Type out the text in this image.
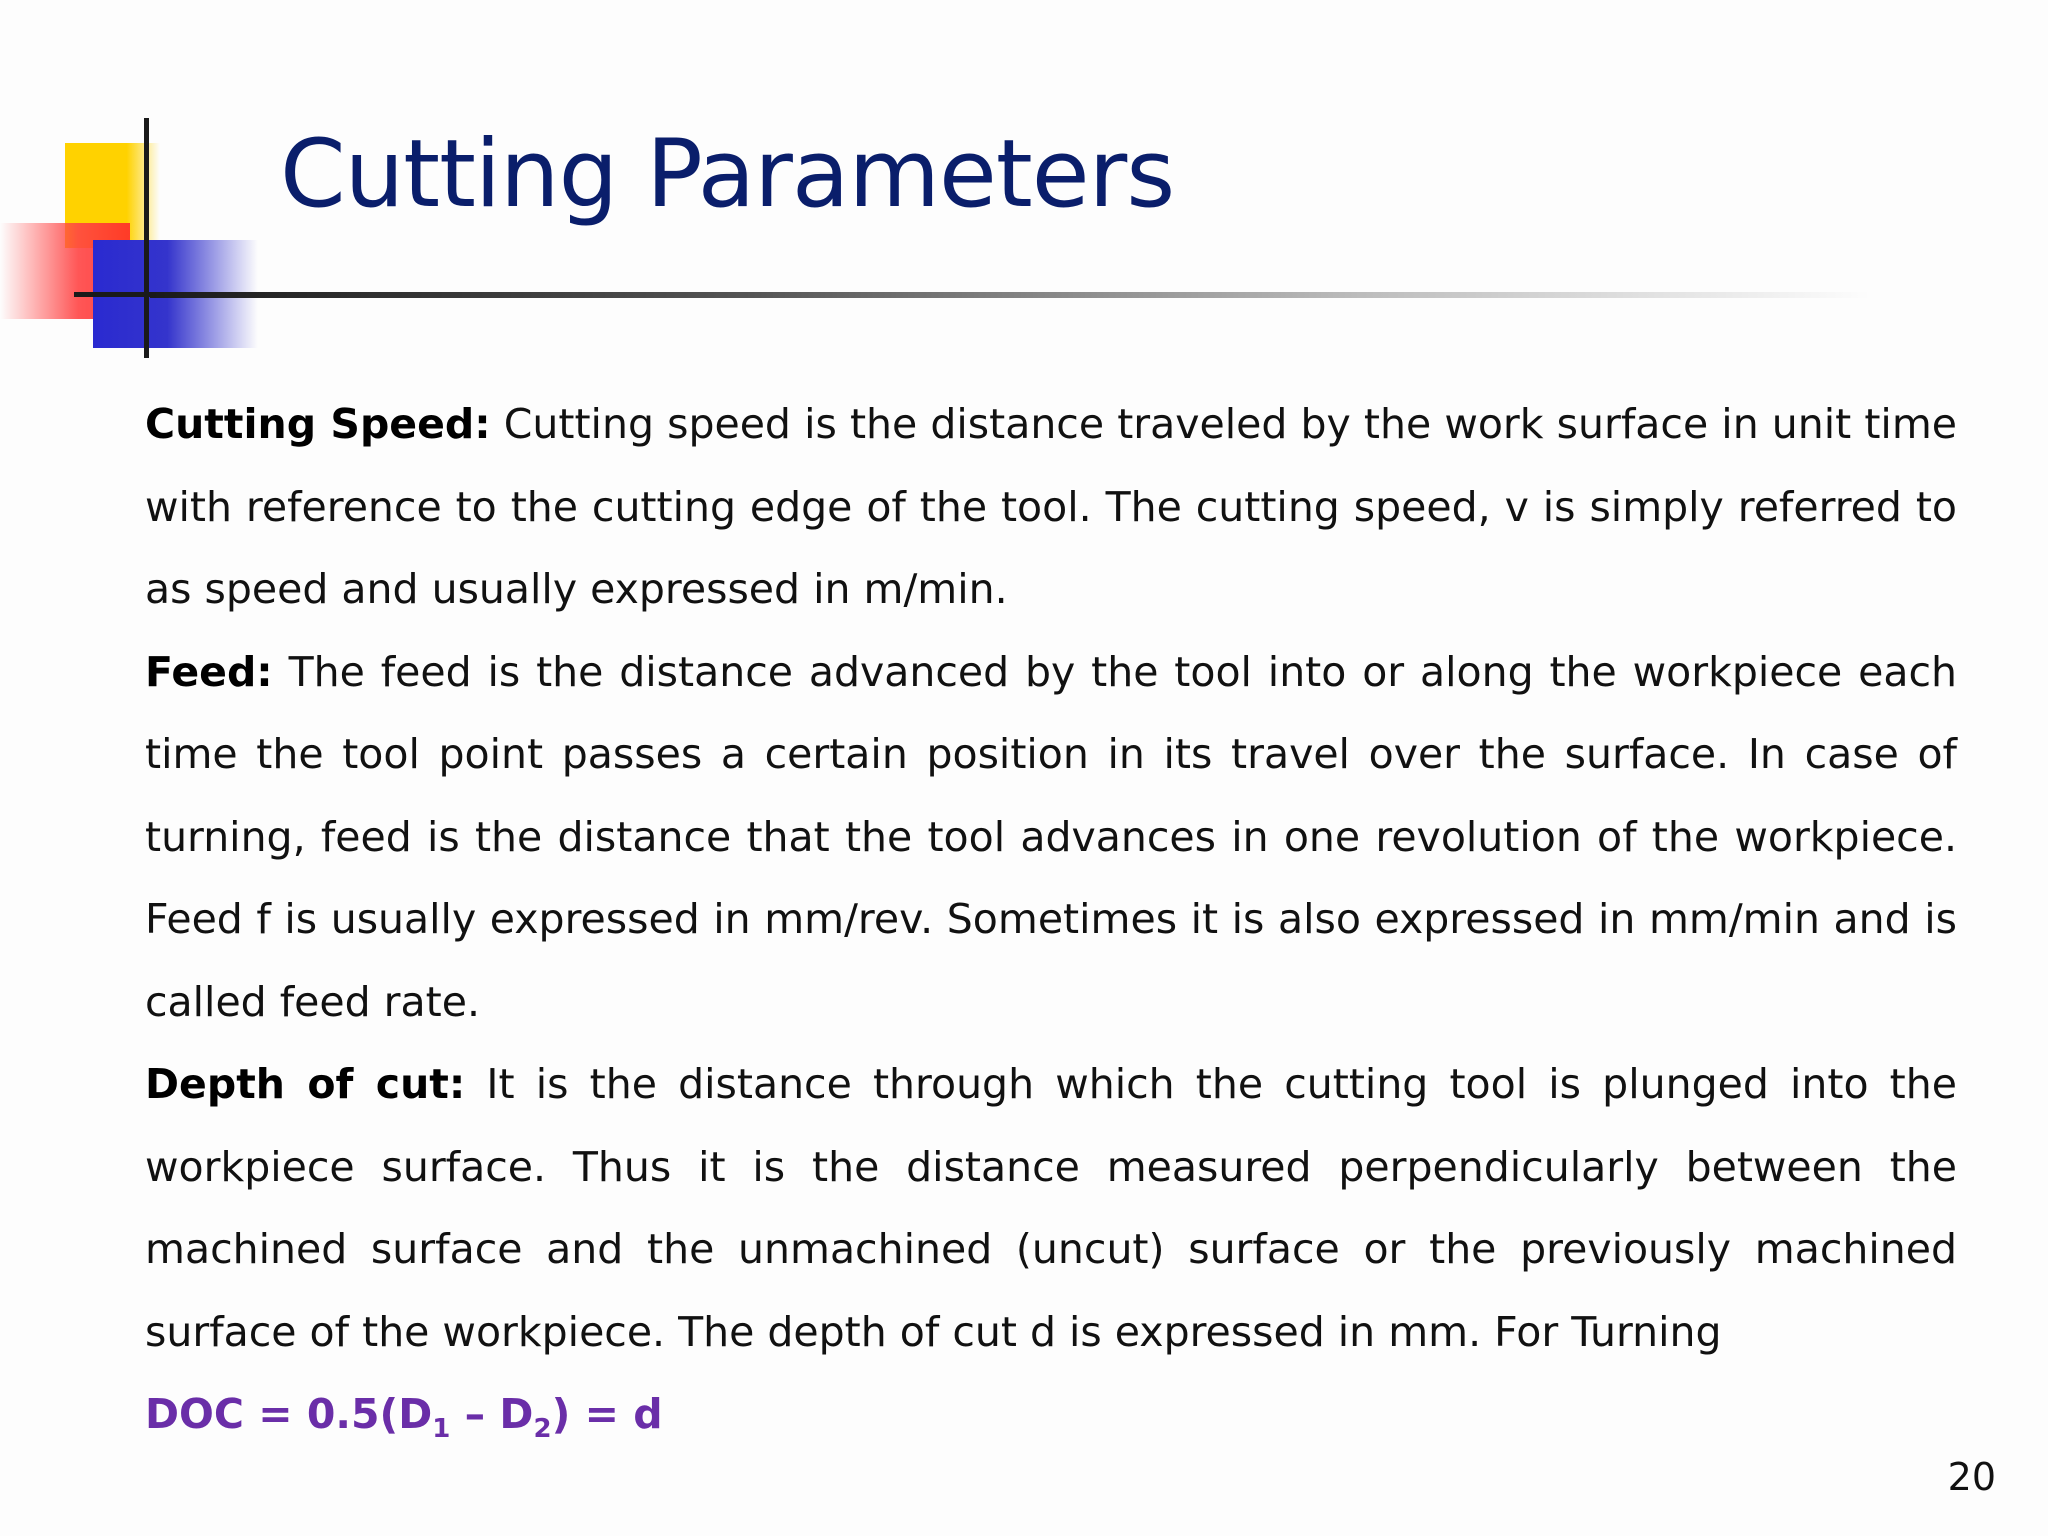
Cutting Parameters

Cutting Speed: Cutting speed is the distance traveled by the work surface in unit time with reference to the cutting edge of the tool. The cutting speed, v is simply referred to as speed and usually expressed in m/min.

Feed: The feed is the distance advanced by the tool into or along the workpiece each time the tool point passes a certain position in its travel over the surface. In case of turning, feed is the distance that the tool advances in one revolution of the workpiece. Feed f is usually expressed in mm/rev. Sometimes it is also expressed in mm/min and is called feed rate.

Depth of cut: It is the distance through which the cutting tool is plunged into the workpiece surface. Thus it is the distance measured perpendicularly between the machined surface and the unmachined (uncut) surface or the previously machined surface of the workpiece. The depth of cut d is expressed in mm. For Turning

DOC = $0.5(D_1 - D_2) = d$

20
